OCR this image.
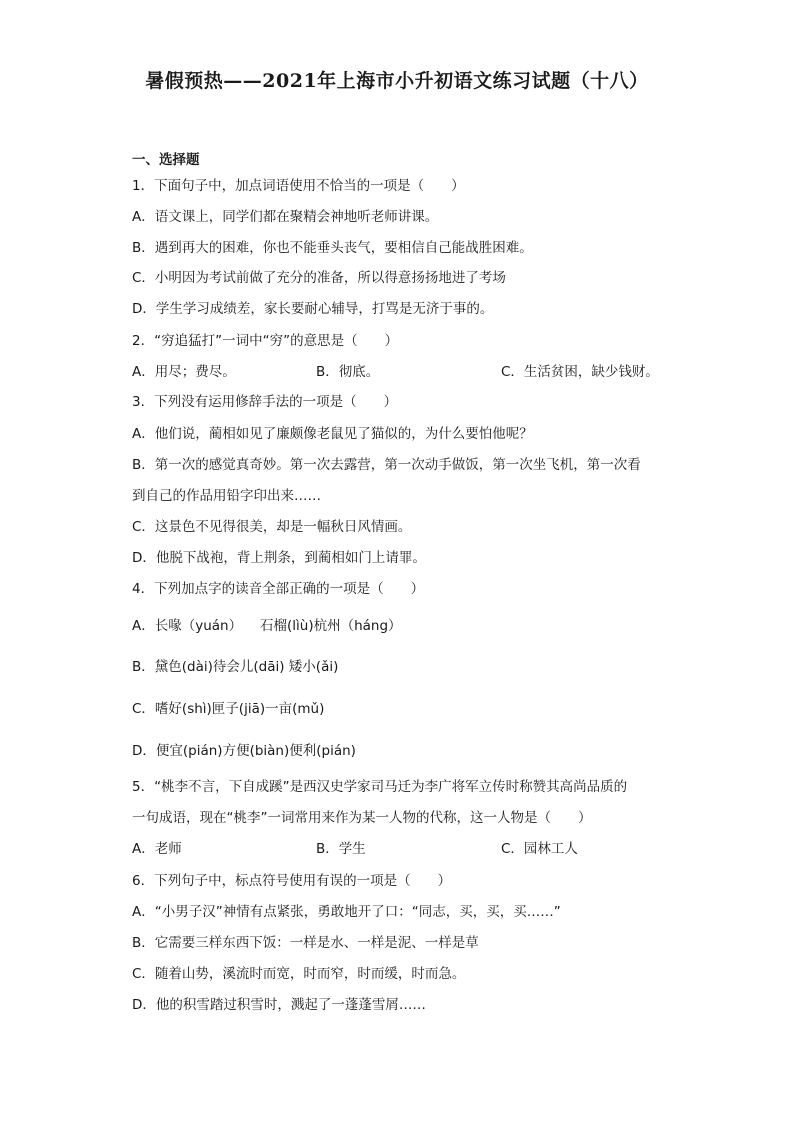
暑假预热——2021年上海市小升初语文练习试题（十八）
一、选择题
1．下面句子中，加点词语使用不恰当的一项是（　　）
A．语文课上，同学们都在聚精会神地听老师讲课。
B．遇到再大的困难，你也不能垂头丧气，要相信自己能战胜困难。
C．小明因为考试前做了充分的准备，所以得意扬扬地进了考场
D．学生学习成绩差，家长要耐心辅导，打骂是无济于事的。
2．“穷追猛打”一词中“穷”的意思是（　　）
A．用尽；费尽。	B．彻底。	C．生活贫困，缺少钱财。
3．下列没有运用修辞手法的一项是（　　）
A．他们说，蔺相如见了廉颇像老鼠见了猫似的，为什么要怕他呢？
B．第一次的感觉真奇妙。第一次去露营，第一次动手做饭，第一次坐飞机，第一次看
到自己的作品用铅字印出来……
C．这景色不见得很美，却是一幅秋日风情画。
D．他脱下战袍，背上荆条，到蔺相如门上请罪。
4．下列加点字的读音全部正确的一项是（　　）
A．长喙（yuán） 石榴(lìù)杭州（háng）
B．黛色(dài)待会儿(dāi) 矮小(ǎi)
C．嗜好(shì)匣子(jiā)一亩(mǔ)
D．便宜(pián)方便(biàn)便利(pián)
5．“桃李不言，下自成蹊”是西汉史学家司马迁为李广将军立传时称赞其高尚品质的
一句成语，现在“桃李”一词常用来作为某一人物的代称，这一人物是（　　）
A．老师	B．学生	C．园林工人
6．下列句子中，标点符号使用有误的一项是（　　）
A．“小男子汉”神情有点紧张，勇敢地开了口：“同志，买，买，买……”
B．它需要三样东西下饭：一样是水、一样是泥、一样是草
C．随着山势，溪流时而宽，时而窄，时而缓，时而急。
D．他的积雪踏过积雪时，溅起了一蓬蓬雪屑……
